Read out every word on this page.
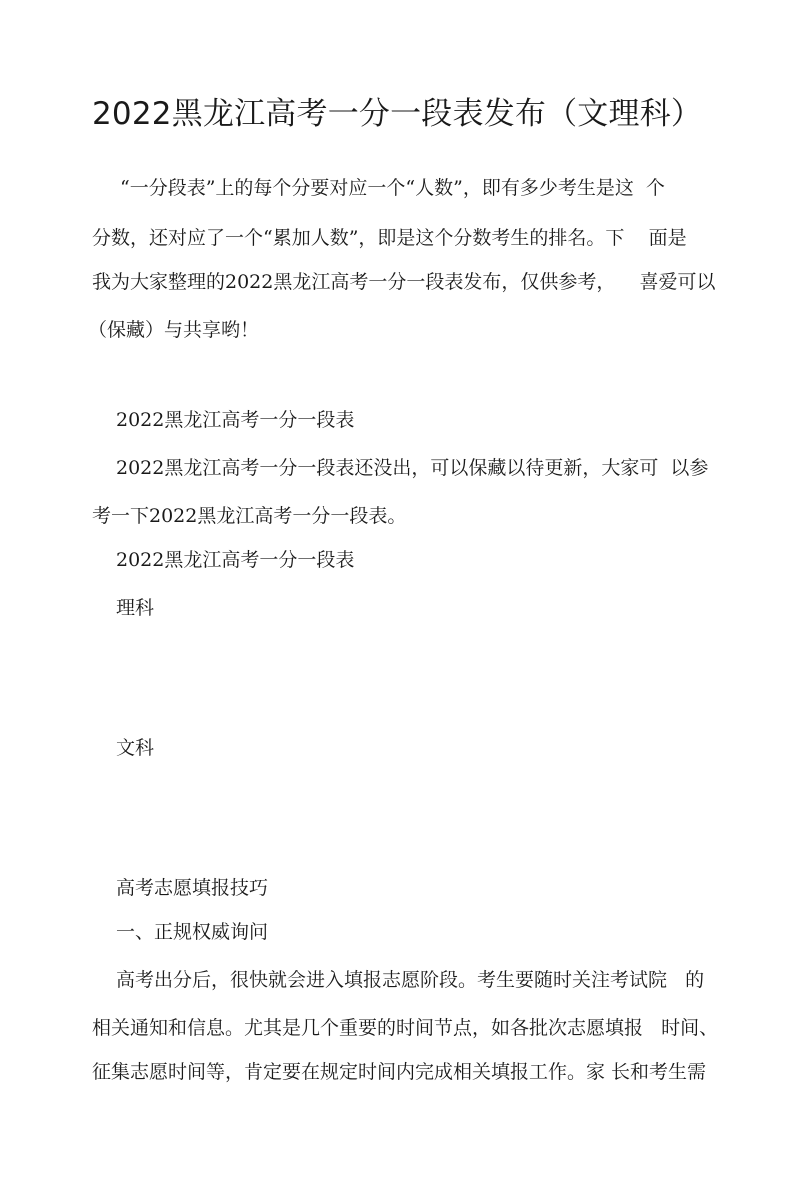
2022黑龙江高考一分一段表发布（文理科）

“一分段表”上的每个分要对应一个“人数”，即有多少考生是这  个

分数，还对应了一个“累加人数”，即是这个分数考生的排名。下    面是

我为大家整理的2022黑龙江高考一分一段表发布，仅供参考，    喜爱可以

（保藏）与共享哟！

2022黑龙江高考一分一段表

2022黑龙江高考一分一段表还没出，可以保藏以待更新，大家可  以参

考一下2022黑龙江高考一分一段表。

2022黑龙江高考一分一段表

理科

文科

高考志愿填报技巧

一、正规权威询问

高考出分后，很快就会进入填报志愿阶段。考生要随时关注考试院   的

相关通知和信息。尤其是几个重要的时间节点，如各批次志愿填报   时间、

征集志愿时间等，肯定要在规定时间内完成相关填报工作。家 长和考生需
